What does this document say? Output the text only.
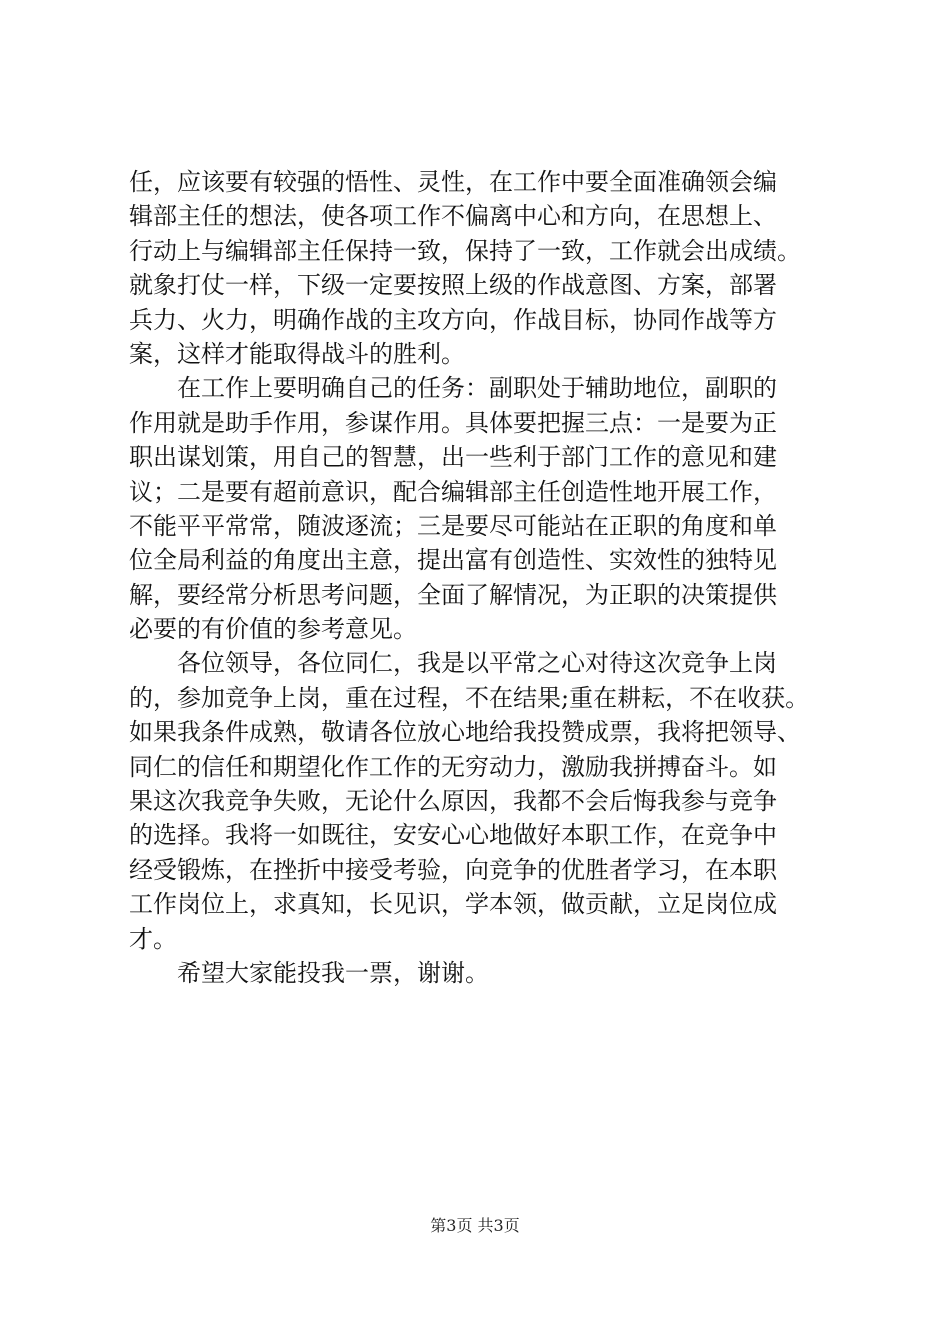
任，应该要有较强的悟性、灵性，在工作中要全面准确领会编
辑部主任的想法，使各项工作不偏离中心和方向，在思想上、
行动上与编辑部主任保持一致，保持了一致，工作就会出成绩。
就象打仗一样，下级一定要按照上级的作战意图、方案，部署
兵力、火力，明确作战的主攻方向，作战目标，协同作战等方
案，这样才能取得战斗的胜利。
　　在工作上要明确自己的任务：副职处于辅助地位，副职的
作用就是助手作用，参谋作用。具体要把握三点：一是要为正
职出谋划策，用自己的智慧，出一些利于部门工作的意见和建
议；二是要有超前意识，配合编辑部主任创造性地开展工作，
不能平平常常，随波逐流；三是要尽可能站在正职的角度和单
位全局利益的角度出主意，提出富有创造性、实效性的独特见
解，要经常分析思考问题，全面了解情况，为正职的决策提供
必要的有价值的参考意见。
　　各位领导，各位同仁，我是以平常之心对待这次竞争上岗
的，参加竞争上岗，重在过程，不在结果;重在耕耘，不在收获。
如果我条件成熟，敬请各位放心地给我投赞成票，我将把领导、
同仁的信任和期望化作工作的无穷动力，激励我拼搏奋斗。如
果这次我竞争失败，无论什么原因，我都不会后悔我参与竞争
的选择。我将一如既往，安安心心地做好本职工作，在竞争中
经受锻炼，在挫折中接受考验，向竞争的优胜者学习，在本职
工作岗位上，求真知，长见识，学本领，做贡献，立足岗位成
才。
　　希望大家能投我一票，谢谢。
第3页 共3页
